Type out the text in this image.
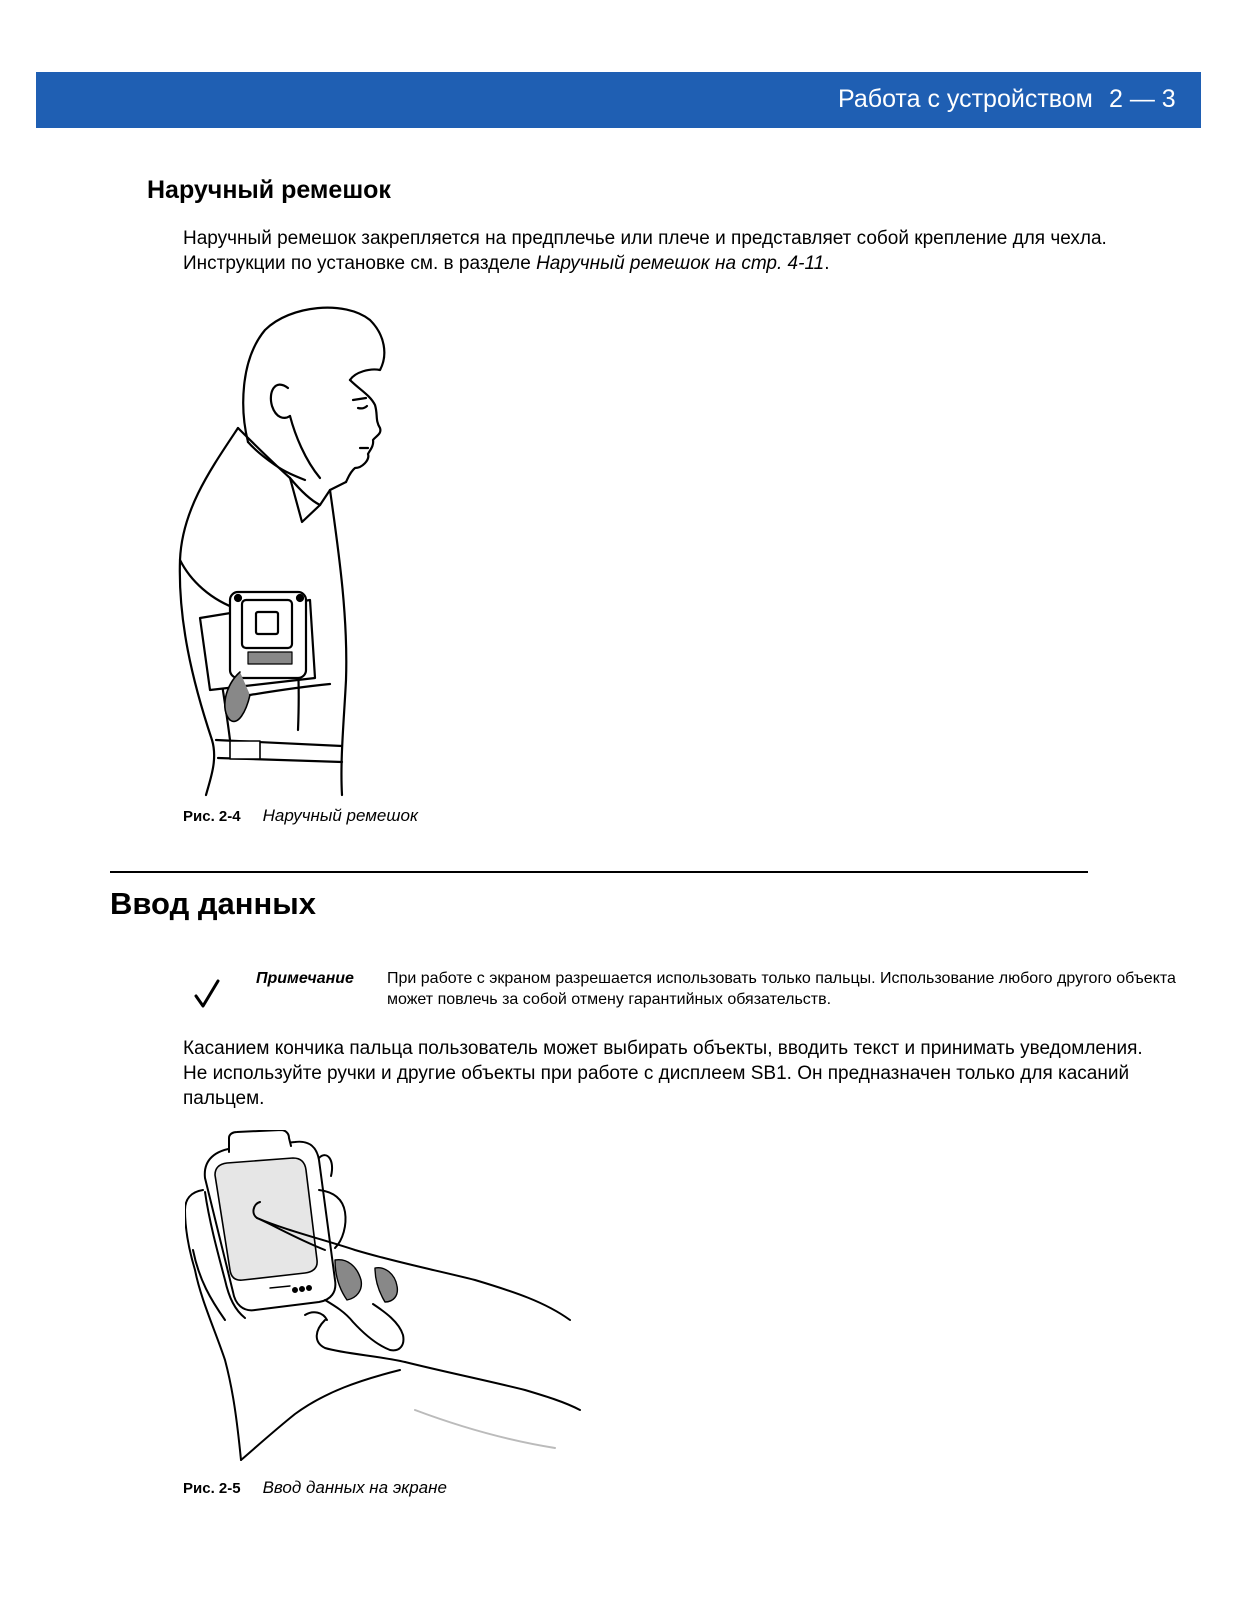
Работа с устройством 2 — 3
Наручный ремешок
Наручный ремешок закрепляется на предплечье или плече и представляет собой крепление для чехла.
Инструкции по установке см. в разделе Наручный ремешок на стр. 4-11.
Рис. 2-4 Наручный ремешок
Ввод данных
Примечание При работе с экраном разрешается использовать только пальцы. Использование любого другого объекта может повлечь за собой отмену гарантийных обязательств.
Касанием кончика пальца пользователь может выбирать объекты, вводить текст и принимать уведомления. Не используйте ручки и другие объекты при работе с дисплеем SB1. Он предназначен только для касаний пальцем.
Рис. 2-5 Ввод данных на экране
